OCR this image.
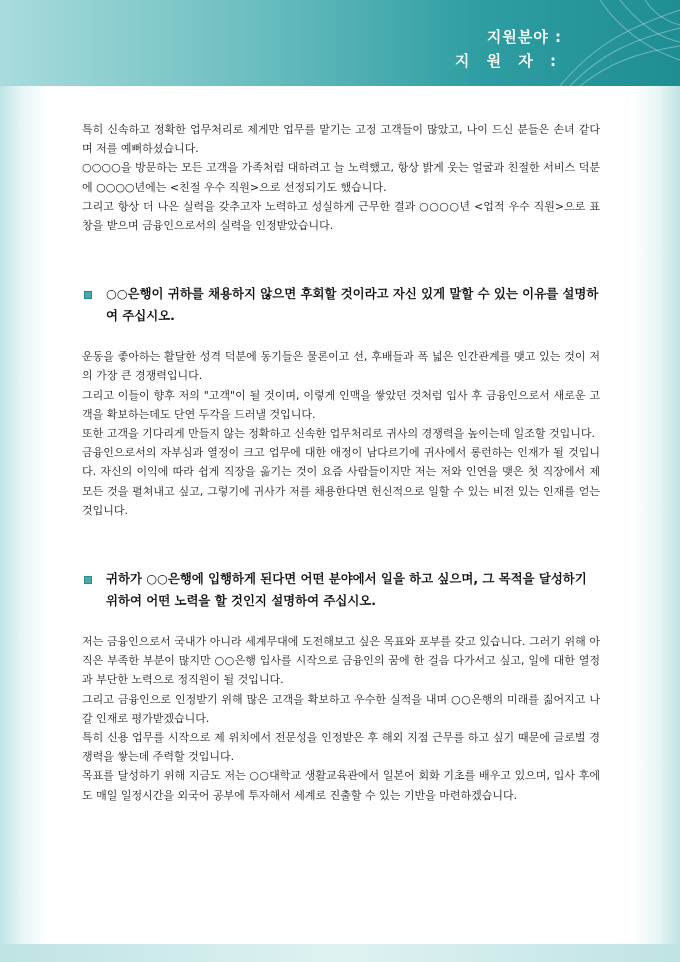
지원분야 :
지 원 자 :

특히 신속하고 정확한 업무처리로 제게만 업무를 맡기는 고정 고객들이 많았고, 나이 드신 분들은 손녀 같다며 저를 예뻐하셨습니다.

○○○○을 방문하는 모든 고객을 가족처럼 대하려고 늘 노력했고, 항상 밝게 웃는 얼굴과 친절한 서비스 덕분에 ○○○○년에는 <친절 우수 직원>으로 선정되기도 했습니다.

그리고 항상 더 나은 실력을 갖추고자 노력하고 성실하게 근무한 결과 ○○○○년 <업적 우수 직원>으로 표창을 받으며 금융인으로서의 실력을 인정받았습니다.

○○은행이 귀하를 채용하지 않으면 후회할 것이라고 자신 있게 말할 수 있는 이유를 설명하여 주십시오.

운동을 좋아하는 활달한 성격 덕분에 동기들은 물론이고 선, 후배들과 폭 넓은 인간관계를 맺고 있는 것이 저의 가장 큰 경쟁력입니다.

그리고 이들이 향후 저의 "고객"이 될 것이며, 이렇게 인맥을 쌓았던 것처럼 입사 후 금융인으로서 새로운 고객을 확보하는데도 단연 두각을 드러낼 것입니다.

또한 고객을 기다리게 만들지 않는 정확하고 신속한 업무처리로 귀사의 경쟁력을 높이는데 일조할 것입니다.

금융인으로서의 자부심과 열정이 크고 업무에 대한 애정이 남다르기에 귀사에서 롱런하는 인재가 될 것입니다. 자신의 이익에 따라 쉽게 직장을 옮기는 것이 요즘 사람들이지만 저는 저와 인연을 맺은 첫 직장에서 제 모든 것을 펼쳐내고 싶고, 그렇기에 귀사가 저를 채용한다면 헌신적으로 일할 수 있는 비전 있는 인재를 얻는 것입니다.

귀하가 ○○은행에 입행하게 된다면 어떤 분야에서 일을 하고 싶으며, 그 목적을 달성하기 위하여 어떤 노력을 할 것인지 설명하여 주십시오.

저는 금융인으로서 국내가 아니라 세계무대에 도전해보고 싶은 목표와 포부를 갖고 있습니다. 그러기 위해 아직은 부족한 부분이 많지만 ○○은행 입사를 시작으로 금융인의 꿈에 한 걸음 다가서고 싶고, 일에 대한 열정과 부단한 노력으로 정직원이 될 것입니다.

그리고 금융인으로 인정받기 위해 많은 고객을 확보하고 우수한 실적을 내며 ○○은행의 미래를 짊어지고 나갈 인재로 평가받겠습니다.

특히 신용 업무를 시작으로 제 위치에서 전문성을 인정받은 후 해외 지점 근무를 하고 싶기 때문에 글로벌 경쟁력을 쌓는데 주력할 것입니다.

목표를 달성하기 위해 지금도 저는 ○○대학교 생활교육관에서 일본어 회화 기초를 배우고 있으며, 입사 후에도 매일 일정시간을 외국어 공부에 투자해서 세계로 진출할 수 있는 기반을 마련하겠습니다.
